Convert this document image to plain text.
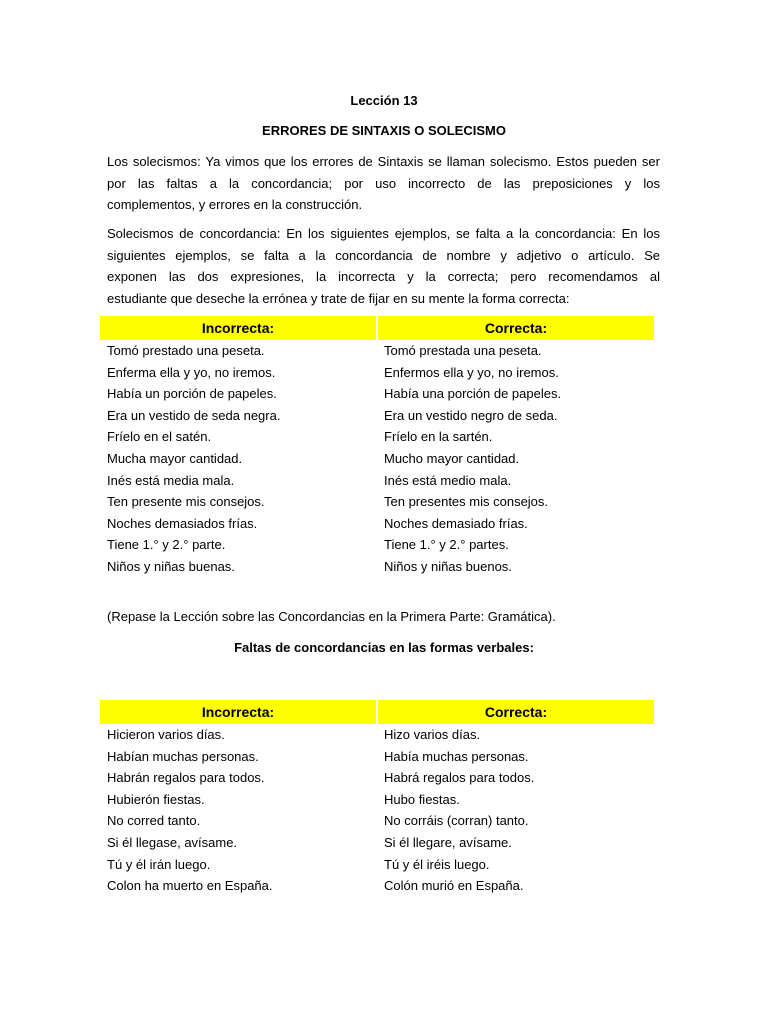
Lección 13
ERRORES DE SINTAXIS O SOLECISMO
Los solecismos: Ya vimos que los errores de Sintaxis se llaman solecismo. Estos pueden ser
por las faltas a la concordancia; por uso incorrecto de las preposiciones y los
complementos, y errores en la construcción.
Solecismos de concordancia: En los siguientes ejemplos, se falta a la concordancia: En los
siguientes ejemplos, se falta a la concordancia de nombre y adjetivo o artículo. Se
exponen las dos expresiones, la incorrecta y la correcta; pero recomendamos al
estudiante que deseche la errónea y trate de fijar en su mente la forma correcta:
Incorrecta:	Correcta:
Tomó prestado una peseta.	Tomó prestada una peseta.
Enferma ella y yo, no iremos.	Enfermos ella y yo, no iremos.
Había un porción de papeles.	Había una porción de papeles.
Era un vestido de seda negra.	Era un vestido negro de seda.
Fríelo en el satén.	Fríelo en la sartén.
Mucha mayor cantidad.	Mucho mayor cantidad.
Inés está media mala.	Inés está medio mala.
Ten presente mis consejos.	Ten presentes mis consejos.
Noches demasiados frías.	Noches demasiado frías.
Tiene 1.° y 2.° parte.	Tiene 1.° y 2.° partes.
Niños y niñas buenas.	Niños y niñas buenos.
(Repase la Lección sobre las Concordancias en la Primera Parte: Gramática).
Faltas de concordancias en las formas verbales:
Incorrecta:	Correcta:
Hicieron varios días.	Hizo varios días.
Habían muchas personas.	Había muchas personas.
Habrán regalos para todos.	Habrá regalos para todos.
Hubierón fiestas.	Hubo fiestas.
No corred tanto.	No corráis (corran) tanto.
Si él llegase, avísame.	Si él llegare, avísame.
Tú y él irán luego.	Tú y él iréis luego.
Colon ha muerto en España.	Colón murió en España.
